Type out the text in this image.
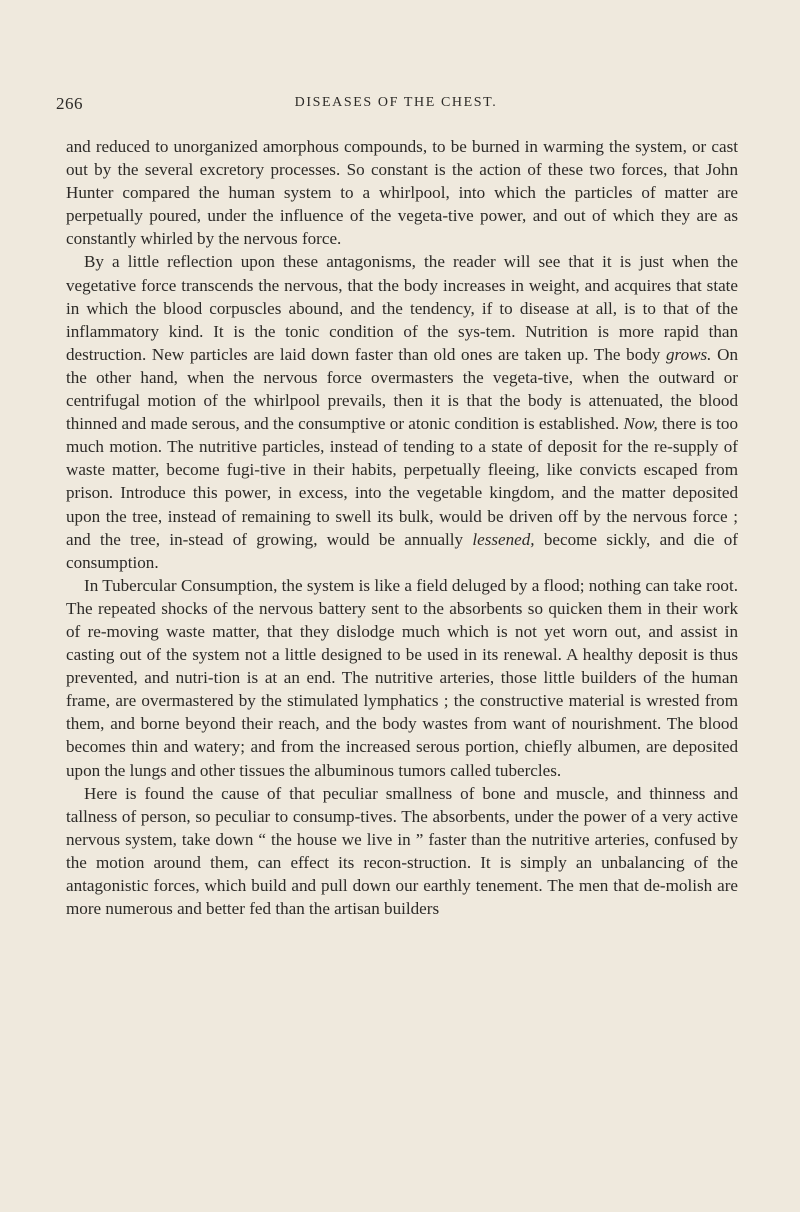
266	DISEASES OF THE CHEST.

and reduced to unorganized amorphous compounds, to be burned in warming the system, or cast out by the several excretory processes. So constant is the action of these two forces, that John Hunter compared the human system to a whirlpool, into which the particles of matter are perpetually poured, under the influence of the vegeta-tive power, and out of which they are as constantly whirled by the nervous force.

By a little reflection upon these antagonisms, the reader will see that it is just when the vegetative force transcends the nervous, that the body increases in weight, and acquires that state in which the blood corpuscles abound, and the tendency, if to disease at all, is to that of the inflammatory kind. It is the tonic condition of the sys-tem. Nutrition is more rapid than destruction. New particles are laid down faster than old ones are taken up. The body grows. On the other hand, when the nervous force overmasters the vegeta-tive, when the outward or centrifugal motion of the whirlpool prevails, then it is that the body is attenuated, the blood thinned and made serous, and the consumptive or atonic condition is established. Now, there is too much motion. The nutritive particles, instead of tending to a state of deposit for the re-supply of waste matter, become fugi-tive in their habits, perpetually fleeing, like convicts escaped from prison. Introduce this power, in excess, into the vegetable kingdom, and the matter deposited upon the tree, instead of remaining to swell its bulk, would be driven off by the nervous force ; and the tree, in-stead of growing, would be annually lessened, become sickly, and die of consumption.

In Tubercular Consumption, the system is like a field deluged by a flood; nothing can take root. The repeated shocks of the nervous battery sent to the absorbents so quicken them in their work of re-moving waste matter, that they dislodge much which is not yet worn out, and assist in casting out of the system not a little designed to be used in its renewal. A healthy deposit is thus prevented, and nutri-tion is at an end. The nutritive arteries, those little builders of the human frame, are overmastered by the stimulated lymphatics ; the constructive material is wrested from them, and borne beyond their reach, and the body wastes from want of nourishment. The blood becomes thin and watery; and from the increased serous portion, chiefly albumen, are deposited upon the lungs and other tissues the albuminous tumors called tubercles.

Here is found the cause of that peculiar smallness of bone and muscle, and thinness and tallness of person, so peculiar to consump-tives. The absorbents, under the power of a very active nervous system, take down “ the house we live in ” faster than the nutritive arteries, confused by the motion around them, can effect its recon-struction. It is simply an unbalancing of the antagonistic forces, which build and pull down our earthly tenement. The men that de-molish are more numerous and better fed than the artisan builders
